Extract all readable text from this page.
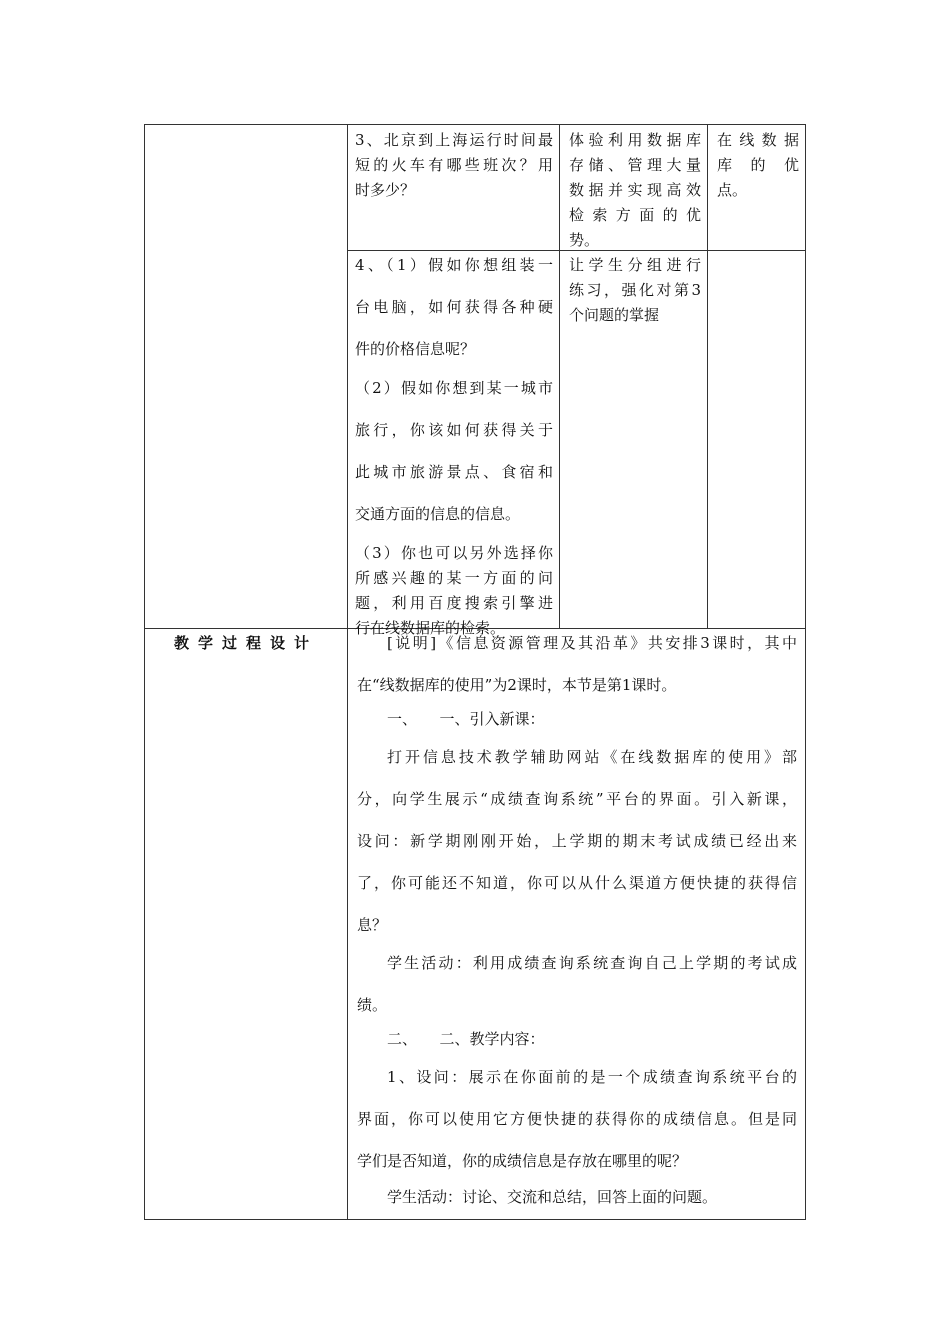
3、北京到上海运行时间最

短的火车有哪些班次？用

时多少？

体验利用数据库

存储、管理大量

数据并实现高效

检索方面的优

势。

在线数据

库的优

点。

4、（1）假如你想组装一

台电脑，如何获得各种硬

件的价格信息呢？

（2）假如你想到某一城市

旅行，你该如何获得关于

此城市旅游景点、食宿和

交通方面的信息的信息。

（3）你也可以另外选择你

所感兴趣的某一方面的问

题，利用百度搜索引擎进

行在线数据库的检索。

让学生分组进行

练习，强化对第3

个问题的掌握

教学过程设计	[说明]《信息资源管理及其沿革》共安排3课时，其中

在“线数据库的使用”为2课时，本节是第1课时。

一、　　一、引入新课：

打开信息技术教学辅助网站《在线数据库的使用》部

分，向学生展示“成绩查询系统”平台的界面。引入新课，

设问：新学期刚刚开始，上学期的期末考试成绩已经出来

了，你可能还不知道，你可以从什么渠道方便快捷的获得信

息？

学生活动：利用成绩查询系统查询自己上学期的考试成

绩。

二、　　二、教学内容：

1、设问：展示在你面前的是一个成绩查询系统平台的

界面，你可以使用它方便快捷的获得你的成绩信息。但是同

学们是否知道，你的成绩信息是存放在哪里的呢？

学生活动：讨论、交流和总结，回答上面的问题。
